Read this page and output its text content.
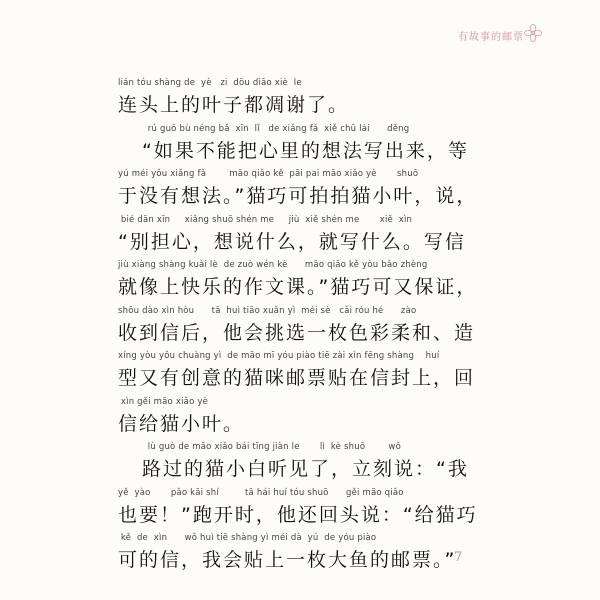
有故事的邮票
lián tóu shàng de  yè   zi  dōu diāo xiè  le
连头上的叶子都凋谢了。
rú guǒ bù néng bǎ  xīn  lǐ   de xiǎng fǎ  xiě chū lái      děng
“如果不能把心里的想法写出来，等
yú méi yǒu xiǎng fǎ        māo qiǎo kě  pāi pai māo xiǎo yè       shuō
于没有想法。”猫巧可拍拍猫小叶，说，
bié dān xīn     xiǎng shuō shén me     jiù  xiě shén me       xiě  xìn
“别担心，想说什么，就写什么。写信
jiù xiàng shàng kuài lè  de zuò wén kè      māo qiǎo kě yòu bǎo zhèng
就像上快乐的作文课。”猫巧可又保证，
shōu dào xìn hòu      tā  huì tiāo xuǎn yì  méi sè   cǎi róu hé      zào
收到信后，他会挑选一枚色彩柔和、造
xíng yòu yǒu chuàng yì  de māo mī yóu piào tiē zài xìn fēng shàng    huí
型又有创意的猫咪邮票贴在信封上，回
xìn gěi māo xiǎo yè
信给猫小叶。
lù guò de māo xiǎo bái tīng jiàn le       lì  kè shuō        wǒ
路过的猫小白听见了，立刻说：“我
yě  yào       pǎo kāi shí         tā hái huí tóu shuō      gěi māo qiǎo
也要！”跑开时，他还回头说：“给猫巧
kě  de  xìn      wǒ huì tiē shàng yì méi dà  yú  de yóu piào
可的信，我会贴上一枚大鱼的邮票。”
7
